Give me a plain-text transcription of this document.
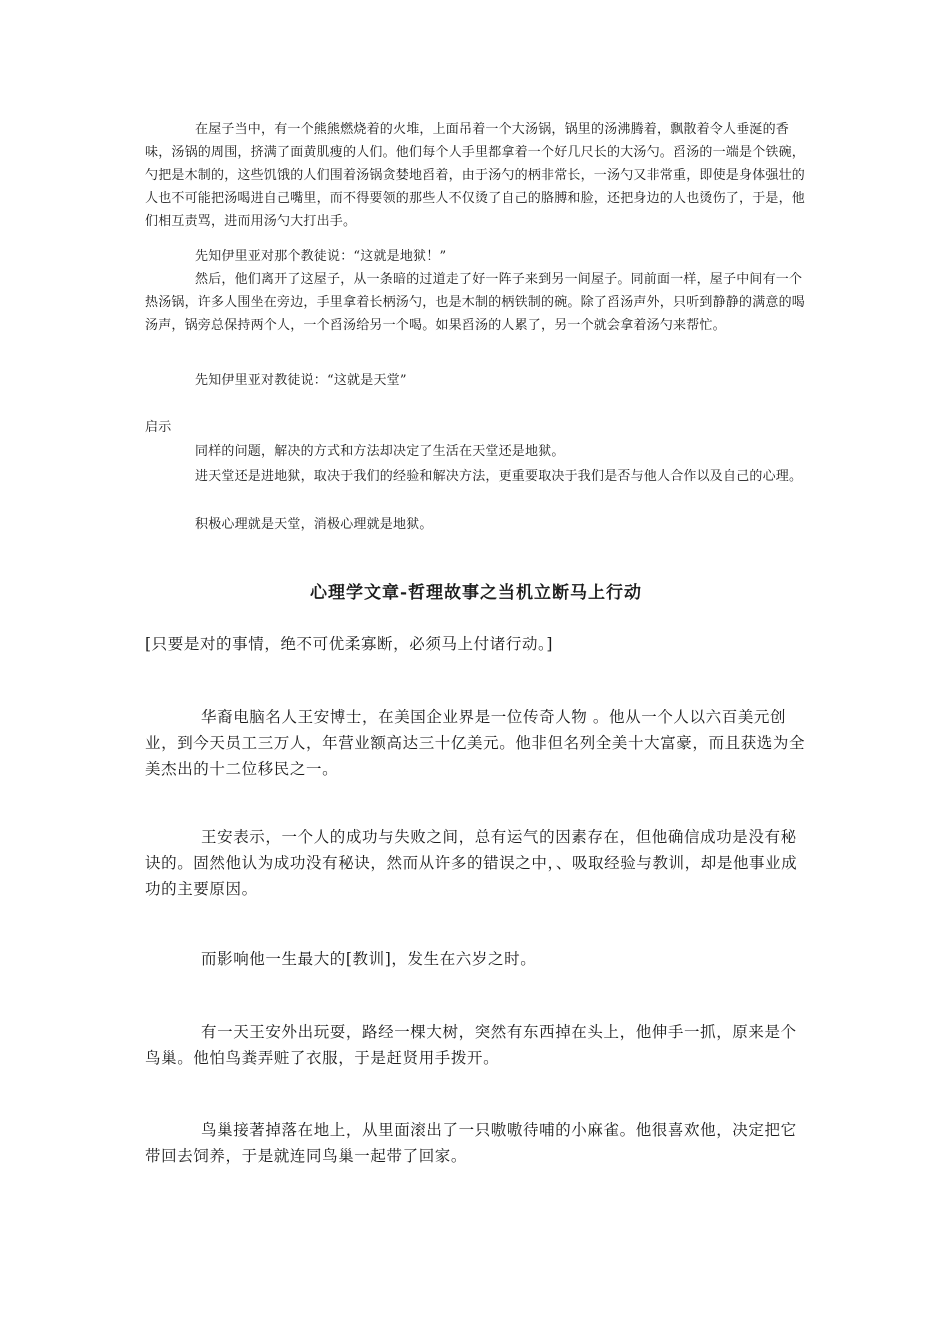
在屋子当中，有一个熊熊燃烧着的火堆，上面吊着一个大汤锅，锅里的汤沸腾着，飘散着令人垂涎的香味，汤锅的周围，挤满了面黄肌瘦的人们。他们每个人手里都拿着一个好几尺长的大汤勺。舀汤的一端是个铁碗，勺把是木制的，这些饥饿的人们围着汤锅贪婪地舀着，由于汤勺的柄非常长，一汤勺又非常重，即使是身体强壮的人也不可能把汤喝进自己嘴里，而不得要领的那些人不仅烫了自己的胳膊和脸，还把身边的人也烫伤了，于是，他们相互责骂，进而用汤勺大打出手。

先知伊里亚对那个教徒说：“这就是地狱！”

然后，他们离开了这屋子，从一条暗的过道走了好一阵子来到另一间屋子。同前面一样，屋子中间有一个热汤锅，许多人围坐在旁边，手里拿着长柄汤勺，也是木制的柄铁制的碗。除了舀汤声外，只听到静静的满意的喝汤声，锅旁总保持两个人，一个舀汤给另一个喝。如果舀汤的人累了，另一个就会拿着汤勺来帮忙。

先知伊里亚对教徒说：“这就是天堂”

启示

同样的问题，解决的方式和方法却决定了生活在天堂还是地狱。

进天堂还是进地狱，取决于我们的经验和解决方法，更重要取决于我们是否与他人合作以及自己的心理。

积极心理就是天堂，消极心理就是地狱。

心理学文章-哲理故事之当机立断马上行动

[只要是对的事情，绝不可优柔寡断，必须马上付诸行动。]

华裔电脑名人王安博士，在美国企业界是一位传奇人物 。他从一个人以六百美元创业，到今天员工三万人，年营业额高达三十亿美元。他非但名列全美十大富豪，而且获选为全美杰出的十二位移民之一。

王安表示，一个人的成功与失败之间，总有运气的因素存在，但他确信成功是没有秘诀的。固然他认为成功没有秘诀，然而从许多的错误之中，、吸取经验与教训，却是他事业成功的主要原因。

而影响他一生最大的[教训]，发生在六岁之时。

有一天王安外出玩耍，路经一棵大树，突然有东西掉在头上，他伸手一抓，原来是个鸟巢。他怕鸟粪弄赃了衣服，于是赶贤用手拨开。

鸟巢接著掉落在地上，从里面滚出了一只嗷嗷待哺的小麻雀。他很喜欢他，决定把它带回去饲养，于是就连同鸟巢一起带了回家。
